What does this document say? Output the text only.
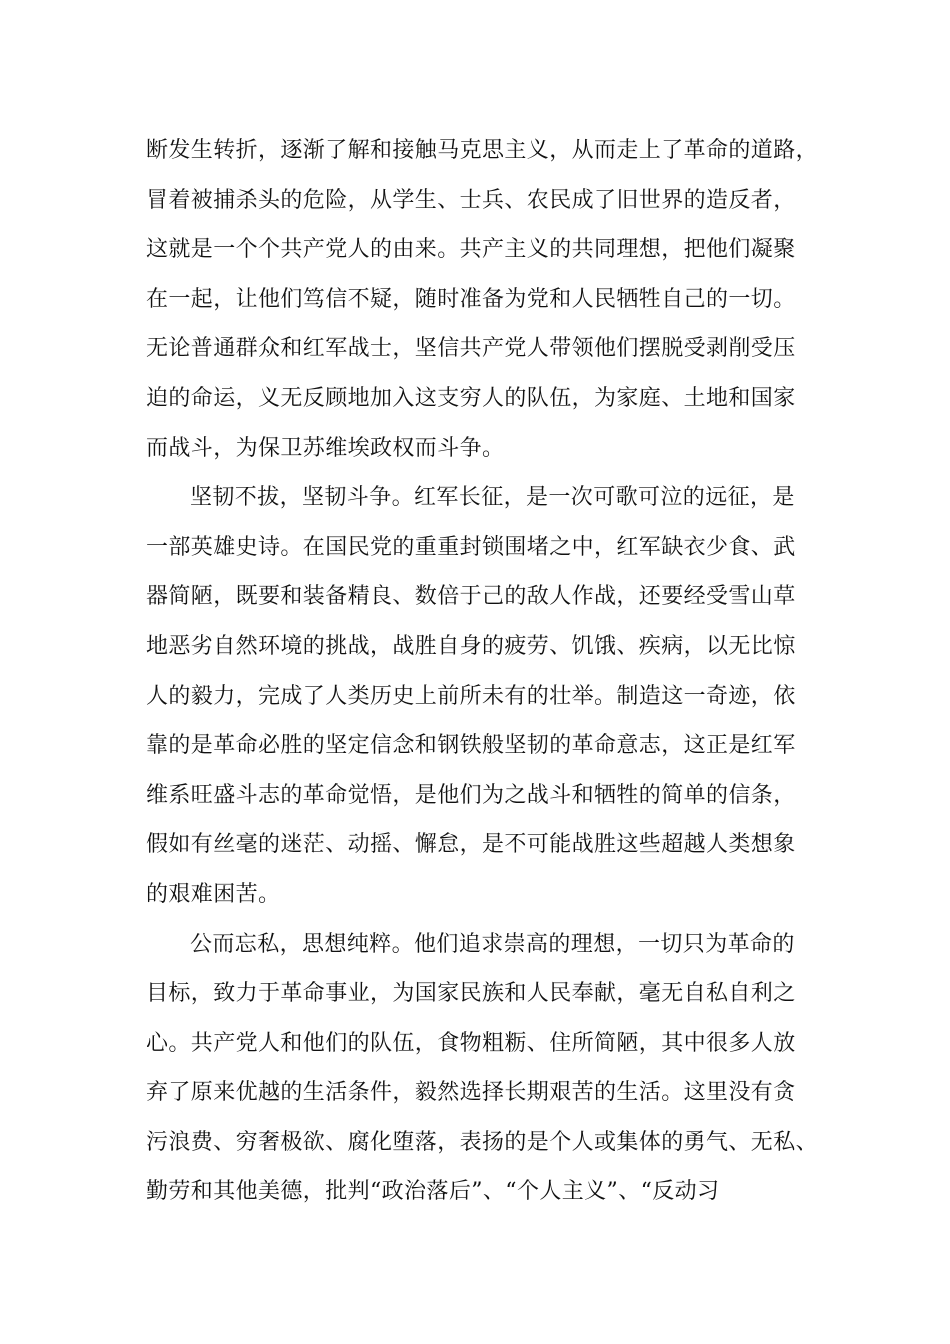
断发生转折，逐渐了解和接触马克思主义，从而走上了革命的道路，
冒着被捕杀头的危险，从学生、士兵、农民成了旧世界的造反者，
这就是一个个共产党人的由来。共产主义的共同理想，把他们凝聚
在一起，让他们笃信不疑，随时准备为党和人民牺牲自己的一切。
无论普通群众和红军战士，坚信共产党人带领他们摆脱受剥削受压
迫的命运，义无反顾地加入这支穷人的队伍，为家庭、土地和国家
而战斗，为保卫苏维埃政权而斗争。
坚韧不拔，坚韧斗争。红军长征，是一次可歌可泣的远征，是
一部英雄史诗。在国民党的重重封锁围堵之中，红军缺衣少食、武
器简陋，既要和装备精良、数倍于己的敌人作战，还要经受雪山草
地恶劣自然环境的挑战，战胜自身的疲劳、饥饿、疾病，以无比惊
人的毅力，完成了人类历史上前所未有的壮举。制造这一奇迹，依
靠的是革命必胜的坚定信念和钢铁般坚韧的革命意志，这正是红军
维系旺盛斗志的革命觉悟，是他们为之战斗和牺牲的简单的信条，
假如有丝毫的迷茫、动摇、懈怠，是不可能战胜这些超越人类想象
的艰难困苦。
公而忘私，思想纯粹。他们追求崇高的理想，一切只为革命的
目标，致力于革命事业，为国家民族和人民奉献，毫无自私自利之
心。共产党人和他们的队伍，食物粗粝、住所简陋，其中很多人放
弃了原来优越的生活条件，毅然选择长期艰苦的生活。这里没有贪
污浪费、穷奢极欲、腐化堕落，表扬的是个人或集体的勇气、无私、
勤劳和其他美德，批判“政治落后”、“个人主义”、“反动习
